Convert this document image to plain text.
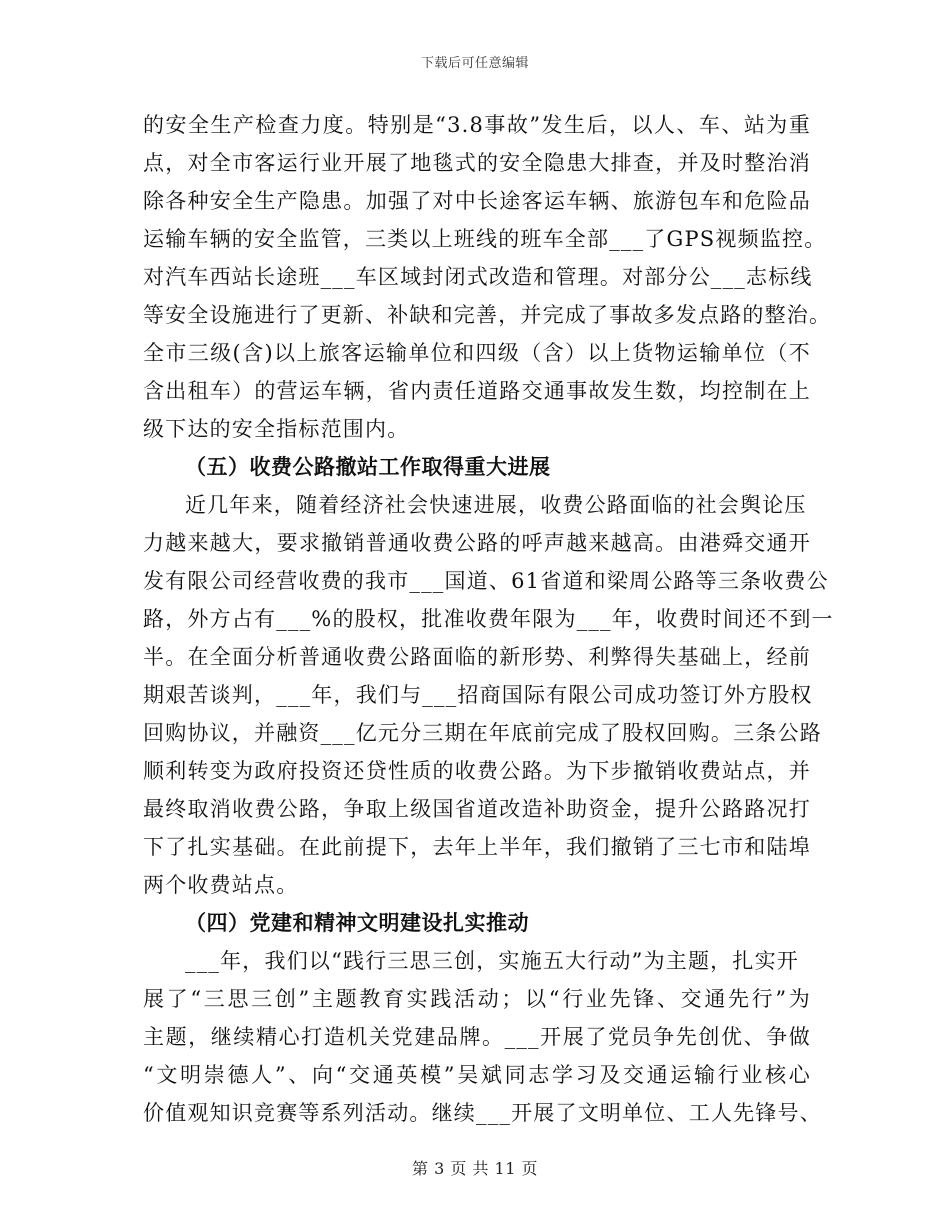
下载后可任意编辑
的安全生产检查力度。特别是“3.8事故”发生后，以人、车、站为重
点，对全市客运行业开展了地毯式的安全隐患大排查，并及时整治消
除各种安全生产隐患。加强了对中长途客运车辆、旅游包车和危险品
运输车辆的安全监管，三类以上班线的班车全部___了GPS视频监控。
对汽车西站长途班___车区域封闭式改造和管理。对部分公___志标线
等安全设施进行了更新、补缺和完善，并完成了事故多发点路的整治。
全市三级(含)以上旅客运输单位和四级（含）以上货物运输单位（不
含出租车）的营运车辆，省内责任道路交通事故发生数，均控制在上
级下达的安全指标范围内。
（五）收费公路撤站工作取得重大进展
近几年来，随着经济社会快速进展，收费公路面临的社会舆论压
力越来越大，要求撤销普通收费公路的呼声越来越高。由港舜交通开
发有限公司经营收费的我市___国道、61省道和梁周公路等三条收费公
路，外方占有___%的股权，批准收费年限为___年，收费时间还不到一
半。在全面分析普通收费公路面临的新形势、利弊得失基础上，经前
期艰苦谈判，___年，我们与___招商国际有限公司成功签订外方股权
回购协议，并融资___亿元分三期在年底前完成了股权回购。三条公路
顺利转变为政府投资还贷性质的收费公路。为下步撤销收费站点，并
最终取消收费公路，争取上级国省道改造补助资金，提升公路路况打
下了扎实基础。在此前提下，去年上半年，我们撤销了三七市和陆埠
两个收费站点。
（四）党建和精神文明建设扎实推动
___年，我们以“践行三思三创，实施五大行动”为主题，扎实开
展了“三思三创”主题教育实践活动；以“行业先锋、交通先行”为
主题，继续精心打造机关党建品牌。___开展了党员争先创优、争做
“文明崇德人”、向“交通英模”吴斌同志学习及交通运输行业核心
价值观知识竞赛等系列活动。继续___开展了文明单位、工人先锋号、
第 3 页 共 11 页
